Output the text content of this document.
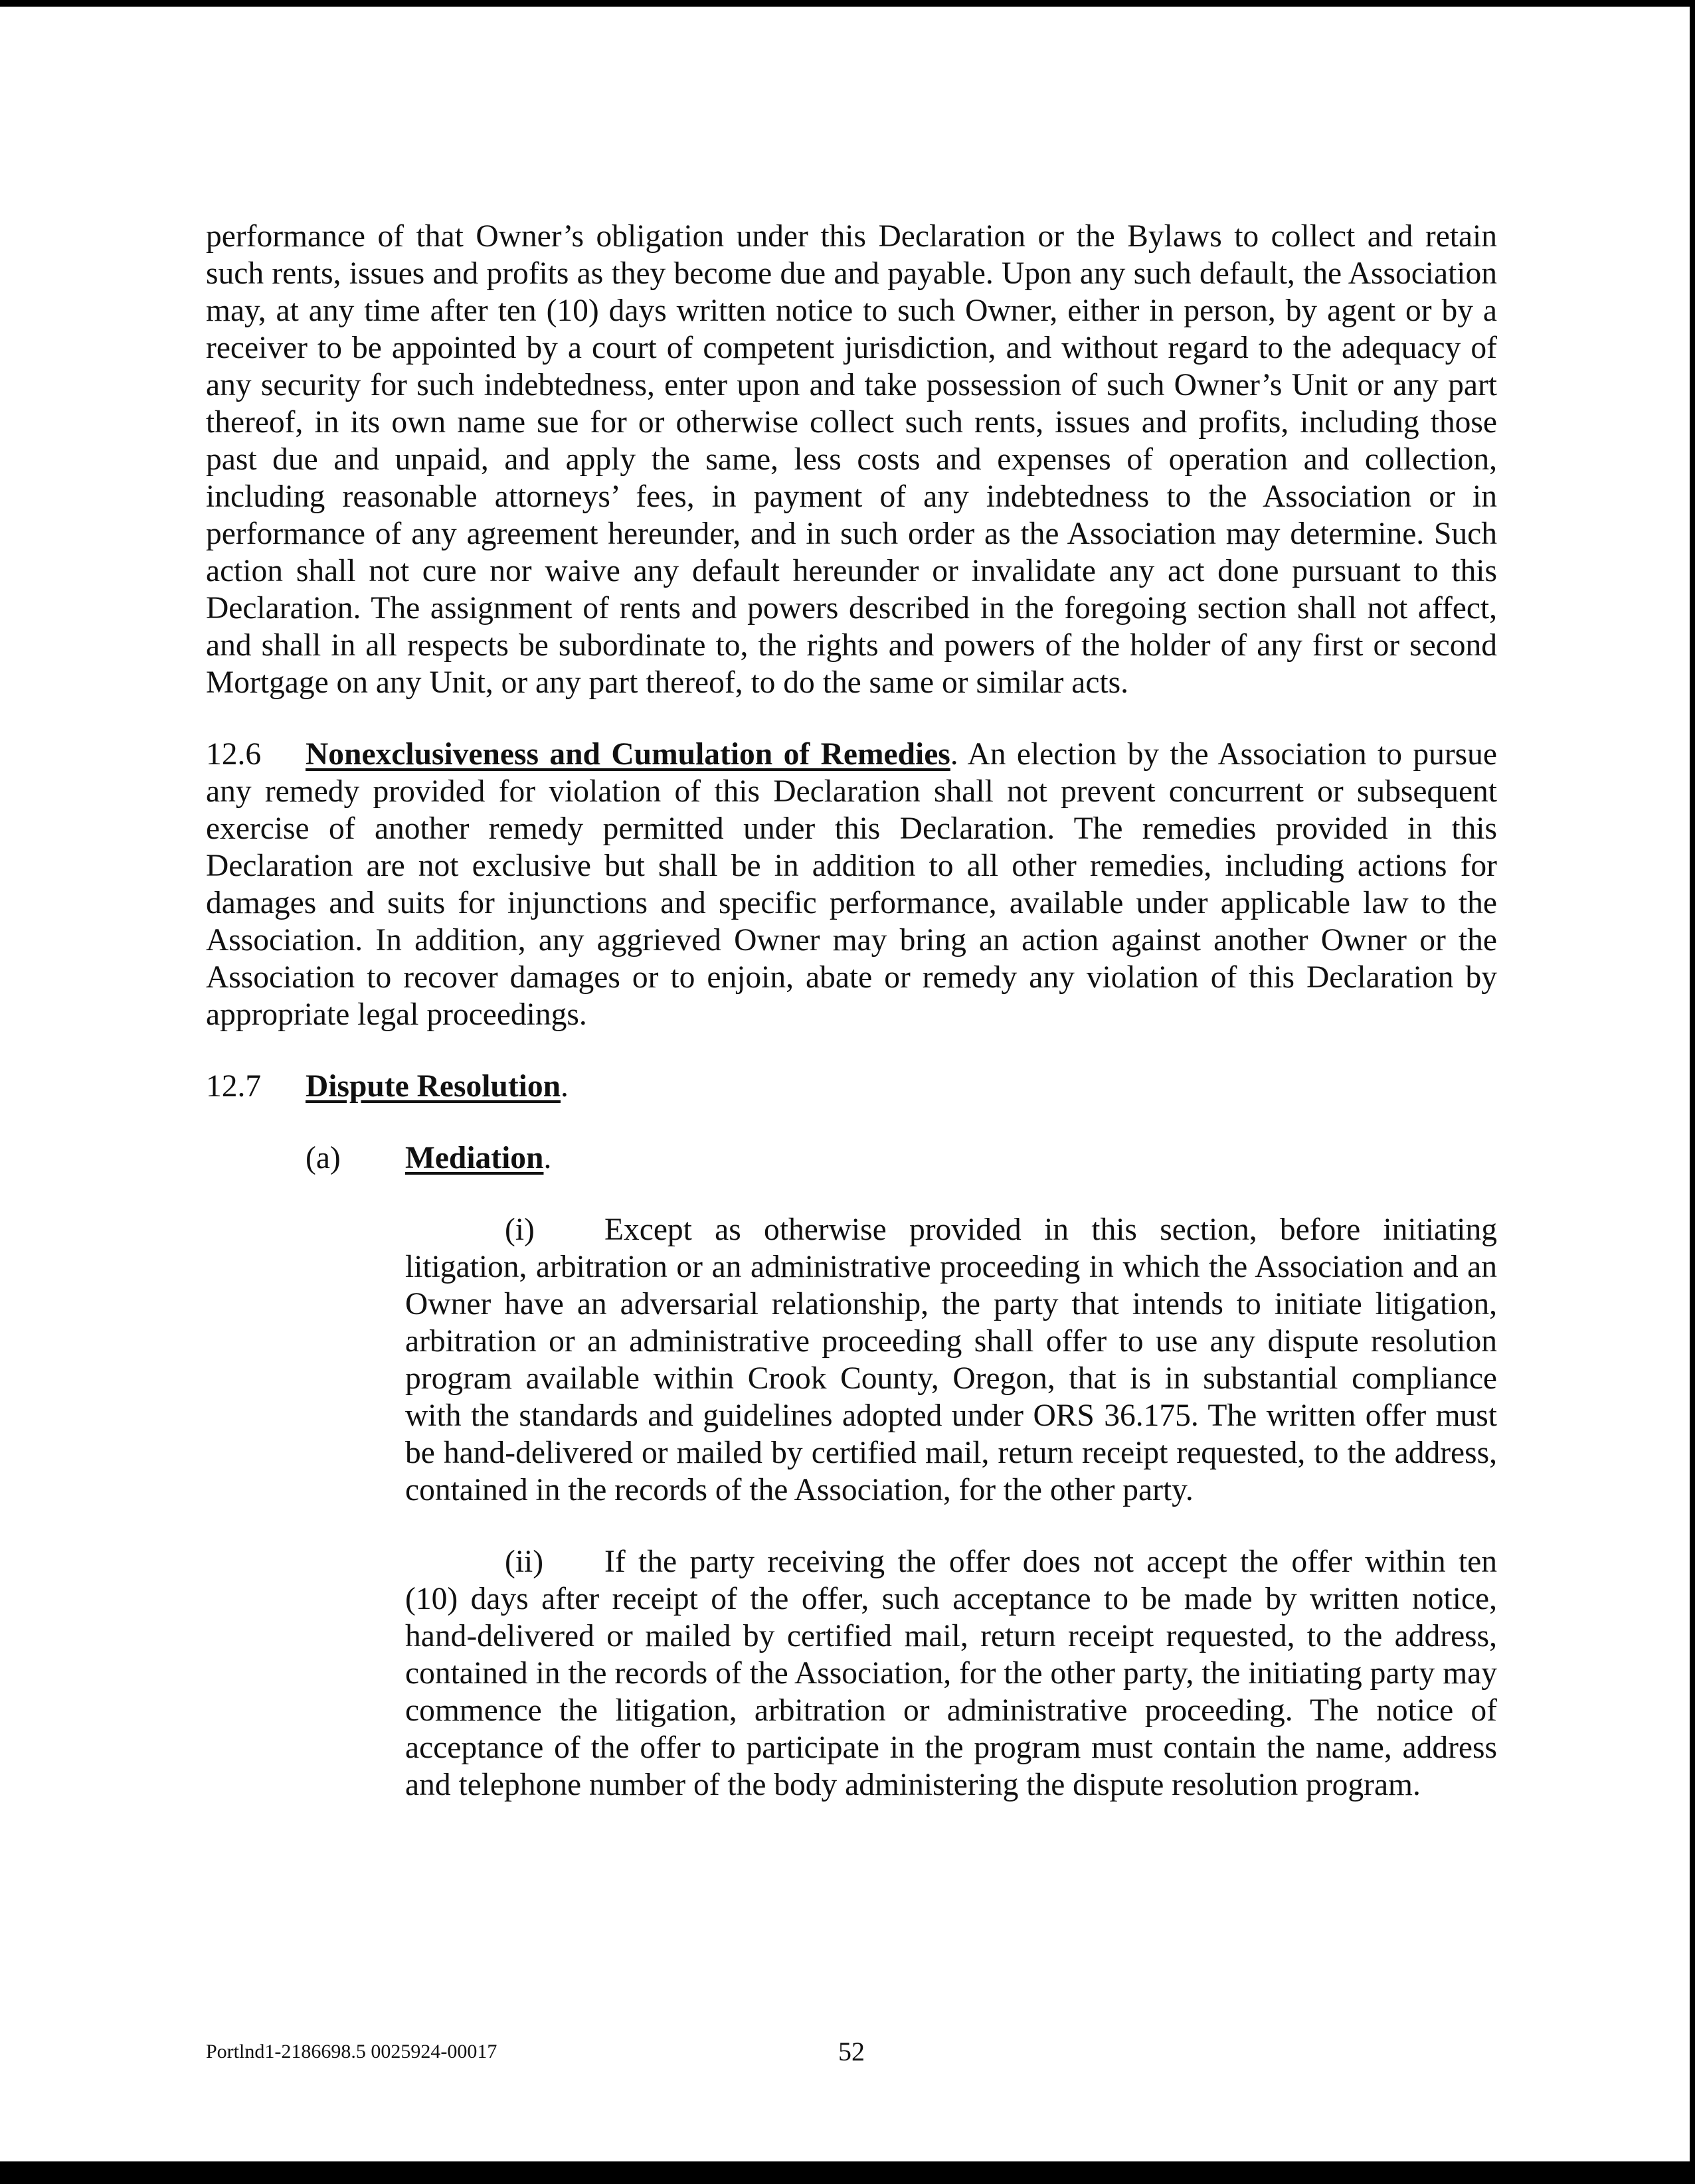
performance of that Owner’s obligation under this Declaration or the Bylaws to collect and retain such rents, issues and profits as they become due and payable. Upon any such default, the Association may, at any time after ten (10) days written notice to such Owner, either in person, by agent or by a receiver to be appointed by a court of competent jurisdiction, and without regard to the adequacy of any security for such indebtedness, enter upon and take possession of such Owner’s Unit or any part thereof, in its own name sue for or otherwise collect such rents, issues and profits, including those past due and unpaid, and apply the same, less costs and expenses of operation and collection, including reasonable attorneys’ fees, in payment of any indebtedness to the Association or in performance of any agreement hereunder, and in such order as the Association may determine. Such action shall not cure nor waive any default hereunder or invalidate any act done pursuant to this Declaration. The assignment of rents and powers described in the foregoing section shall not affect, and shall in all respects be subordinate to, the rights and powers of the holder of any first or second Mortgage on any Unit, or any part thereof, to do the same or similar acts.

12.6 Nonexclusiveness and Cumulation of Remedies. An election by the Association to pursue any remedy provided for violation of this Declaration shall not prevent concurrent or subsequent exercise of another remedy permitted under this Declaration. The remedies provided in this Declaration are not exclusive but shall be in addition to all other remedies, including actions for damages and suits for injunctions and specific performance, available under applicable law to the Association. In addition, any aggrieved Owner may bring an action against another Owner or the Association to recover damages or to enjoin, abate or remedy any violation of this Declaration by appropriate legal proceedings.

12.7 Dispute Resolution.

(a) Mediation.

(i) Except as otherwise provided in this section, before initiating litigation, arbitration or an administrative proceeding in which the Association and an Owner have an adversarial relationship, the party that intends to initiate litigation, arbitration or an administrative proceeding shall offer to use any dispute resolution program available within Crook County, Oregon, that is in substantial compliance with the standards and guidelines adopted under ORS 36.175. The written offer must be hand-delivered or mailed by certified mail, return receipt requested, to the address, contained in the records of the Association, for the other party.

(ii) If the party receiving the offer does not accept the offer within ten (10) days after receipt of the offer, such acceptance to be made by written notice, hand-delivered or mailed by certified mail, return receipt requested, to the address, contained in the records of the Association, for the other party, the initiating party may commence the litigation, arbitration or administrative proceeding. The notice of acceptance of the offer to participate in the program must contain the name, address and telephone number of the body administering the dispute resolution program.

Portlnd1-2186698.5 0025924-00017	52
